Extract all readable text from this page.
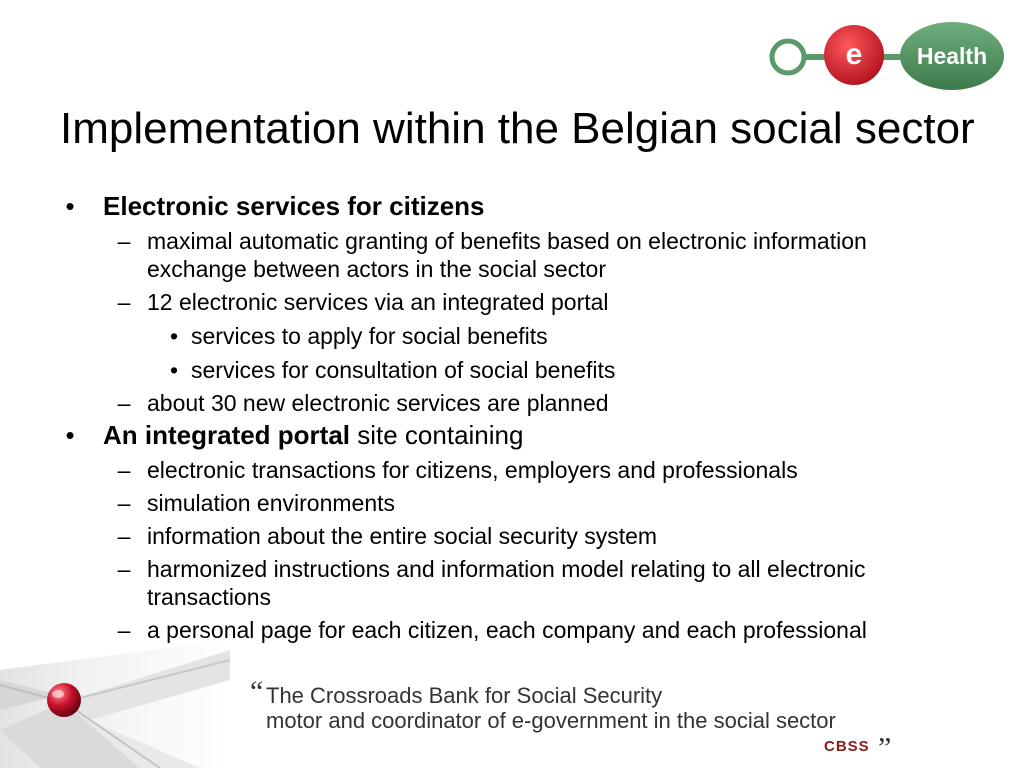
e Health
Implementation within the Belgian social sector
• Electronic services for citizens
– maximal automatic granting of benefits based on electronic information exchange between actors in the social sector
– 12 electronic services via an integrated portal
• services to apply for social benefits
• services for consultation of social benefits
– about 30 new electronic services are planned
• An integrated portal site containing
– electronic transactions for citizens, employers and professionals
– simulation environments
– information about the entire social security system
– harmonized instructions and information model relating to all electronic transactions
– a personal page for each citizen, each company and each professional
“ The Crossroads Bank for Social Security
motor and coordinator of e-government in the social sector	„
CBSS
